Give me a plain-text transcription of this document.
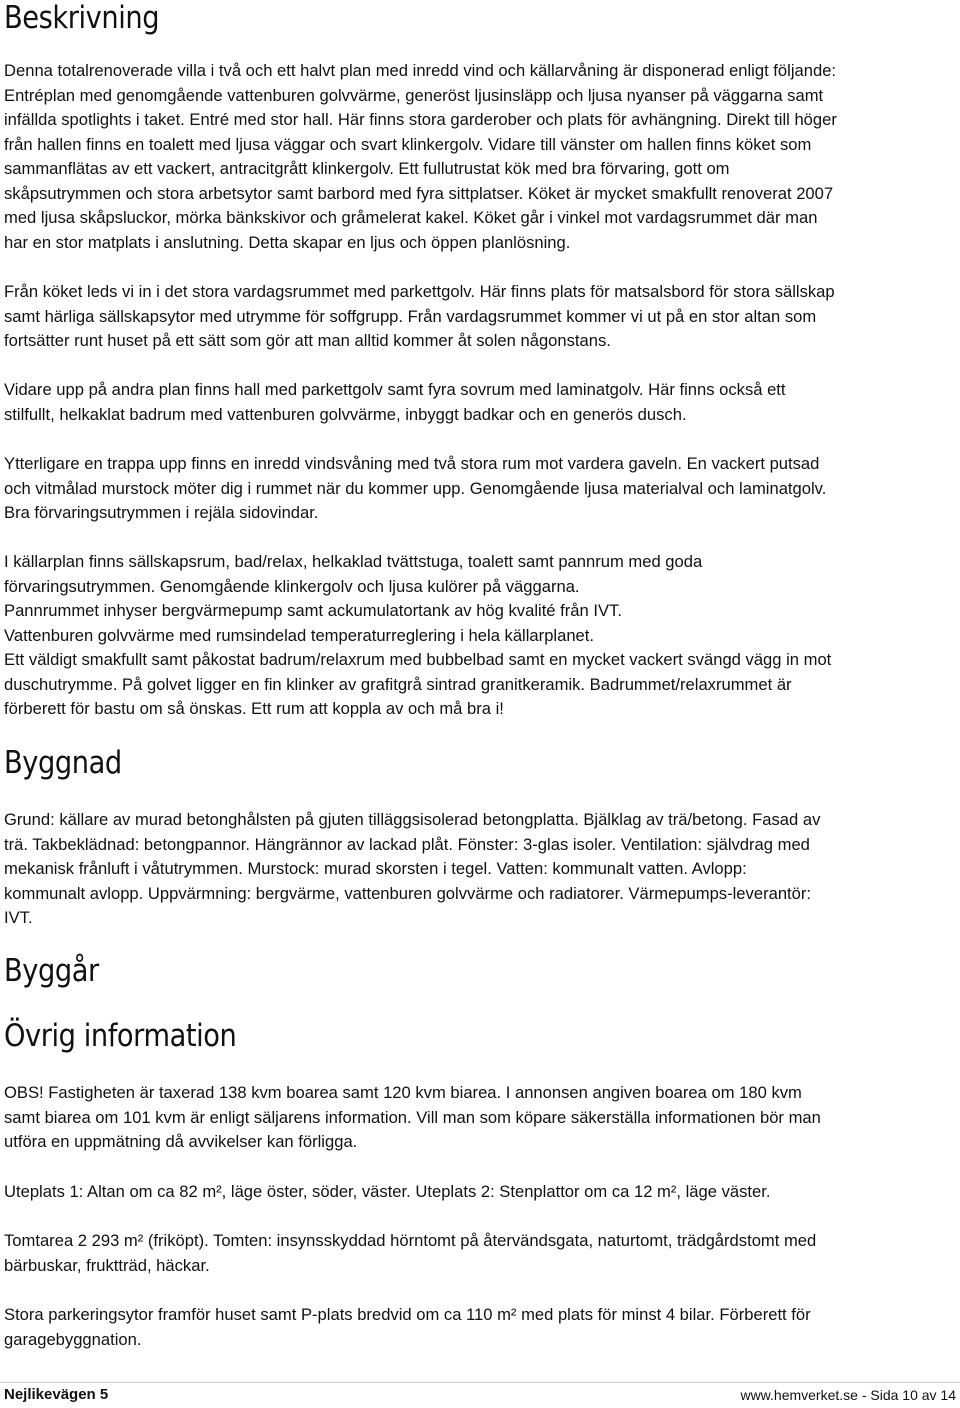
Beskrivning

Denna totalrenoverade villa i två och ett halvt plan med inredd vind och källarvåning är disponerad enligt följande:
Entréplan med genomgående vattenburen golvvärme, generöst ljusinsläpp och ljusa nyanser på väggarna samt
infällda spotlights i taket. Entré med stor hall. Här finns stora garderober och plats för avhängning. Direkt till höger
från hallen finns en toalett med ljusa väggar och svart klinkergolv. Vidare till vänster om hallen finns köket som
sammanflätas av ett vackert, antracitgrått klinkergolv. Ett fullutrustat kök med bra förvaring, gott om
skåpsutrymmen och stora arbetsytor samt barbord med fyra sittplatser. Köket är mycket smakfullt renoverat 2007
med ljusa skåpsluckor, mörka bänkskivor och gråmelerat kakel. Köket går i vinkel mot vardagsrummet där man
har en stor matplats i anslutning. Detta skapar en ljus och öppen planlösning.

Från köket leds vi in i det stora vardagsrummet med parkettgolv. Här finns plats för matsalsbord för stora sällskap
samt härliga sällskapsytor med utrymme för soffgrupp. Från vardagsrummet kommer vi ut på en stor altan som
fortsätter runt huset på ett sätt som gör att man alltid kommer åt solen någonstans.

Vidare upp på andra plan finns hall med parkettgolv samt fyra sovrum med laminatgolv. Här finns också ett
stilfullt, helkaklat badrum med vattenburen golvvärme, inbyggt badkar och en generös dusch.

Ytterligare en trappa upp finns en inredd vindsvåning med två stora rum mot vardera gaveln. En vackert putsad
och vitmålad murstock möter dig i rummet när du kommer upp. Genomgående ljusa materialval och laminatgolv.
Bra förvaringsutrymmen i rejäla sidovindar.

I källarplan finns sällskapsrum, bad/relax, helkaklad tvättstuga, toalett samt pannrum med goda
förvaringsutrymmen. Genomgående klinkergolv och ljusa kulörer på väggarna.
Pannrummet inhyser bergvärmepump samt ackumulatortank av hög kvalité från IVT.
Vattenburen golvvärme med rumsindelad temperaturreglering i hela källarplanet.
Ett väldigt smakfullt samt påkostat badrum/relaxrum med bubbelbad samt en mycket vackert svängd vägg in mot
duschutrymme. På golvet ligger en fin klinker av grafitgrå sintrad granitkeramik. Badrummet/relaxrummet är
förberett för bastu om så önskas. Ett rum att koppla av och må bra i!

Byggnad

Grund: källare av murad betonghålsten på gjuten tilläggsisolerad betongplatta. Bjälklag av trä/betong. Fasad av
trä. Takbeklädnad: betongpannor. Hängrännor av lackad plåt. Fönster: 3-glas isoler. Ventilation: självdrag med
mekanisk frånluft i våtutrymmen. Murstock: murad skorsten i tegel. Vatten: kommunalt vatten. Avlopp:
kommunalt avlopp. Uppvärmning: bergvärme, vattenburen golvvärme och radiatorer. Värmepumps-leverantör:
IVT.

Byggår
Övrig information

OBS! Fastigheten är taxerad 138 kvm boarea samt 120 kvm biarea. I annonsen angiven boarea om 180 kvm
samt biarea om 101 kvm är enligt säljarens information. Vill man som köpare säkerställa informationen bör man
utföra en uppmätning då avvikelser kan förligga.

Uteplats 1: Altan om ca 82 m², läge öster, söder, väster. Uteplats 2: Stenplattor om ca 12 m², läge väster.

Tomtarea 2 293 m² (friköpt). Tomten: insynsskyddad hörntomt på återvändsgata, naturtomt, trädgårdstomt med
bärbuskar, fruktträd, häckar.

Stora parkeringsytor framför huset samt P-plats bredvid om ca 110 m² med plats för minst 4 bilar. Förberett för
garagebyggnation.

Nejlikevägen 5	www.hemverket.se - Sida 10 av 14
